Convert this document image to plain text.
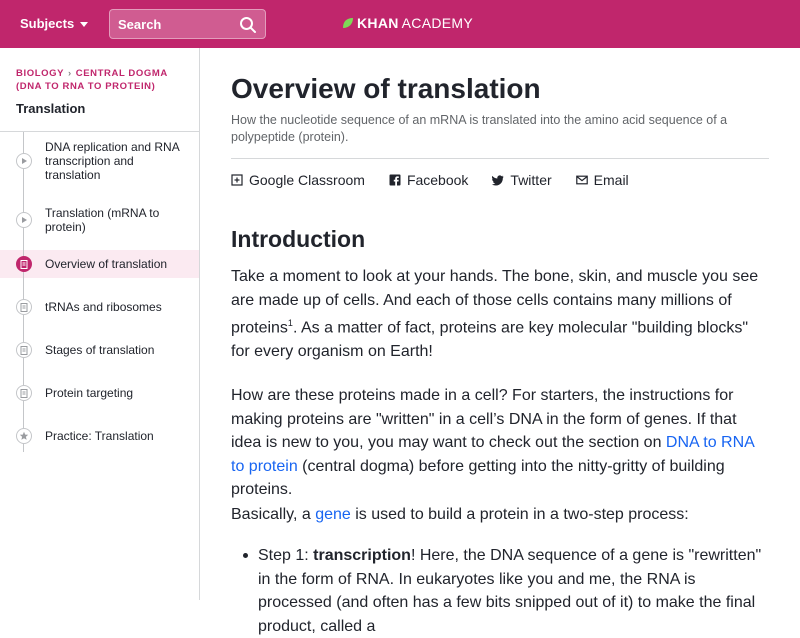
Subjects
Search	KHAN ACADEMY
BIOLOGY › CENTRAL DOGMA (DNA TO RNA TO PROTEIN)
Translation
DNA replication and RNA transcription and translation
Translation (mRNA to protein)
Overview of translation
tRNAs and ribosomes
Stages of translation
Protein targeting
Practice: Translation
Overview of translation

How the nucleotide sequence of an mRNA is translated into the amino acid sequence of a polypeptide (protein).

Google Classroom	Facebook	Twitter	Email
Introduction

Take a moment to look at your hands. The bone, skin, and muscle you see are made up of cells. And each of those cells contains many millions of proteins$^1$. As a matter of fact, proteins are key molecular "building blocks" for every organism on Earth!

How are these proteins made in a cell? For starters, the instructions for making proteins are "written" in a cell’s DNA in the form of genes. If that idea is new to you, you may want to check out the section on DNA to RNA to protein (central dogma) before getting into the nitty-gritty of building proteins.

Basically, a gene is used to build a protein in a two-step process:

Step 1: transcription! Here, the DNA sequence of a gene is "rewritten" in the form of RNA. In eukaryotes like you and me, the RNA is processed (and often has a few bits snipped out of it) to make the final product, called a
